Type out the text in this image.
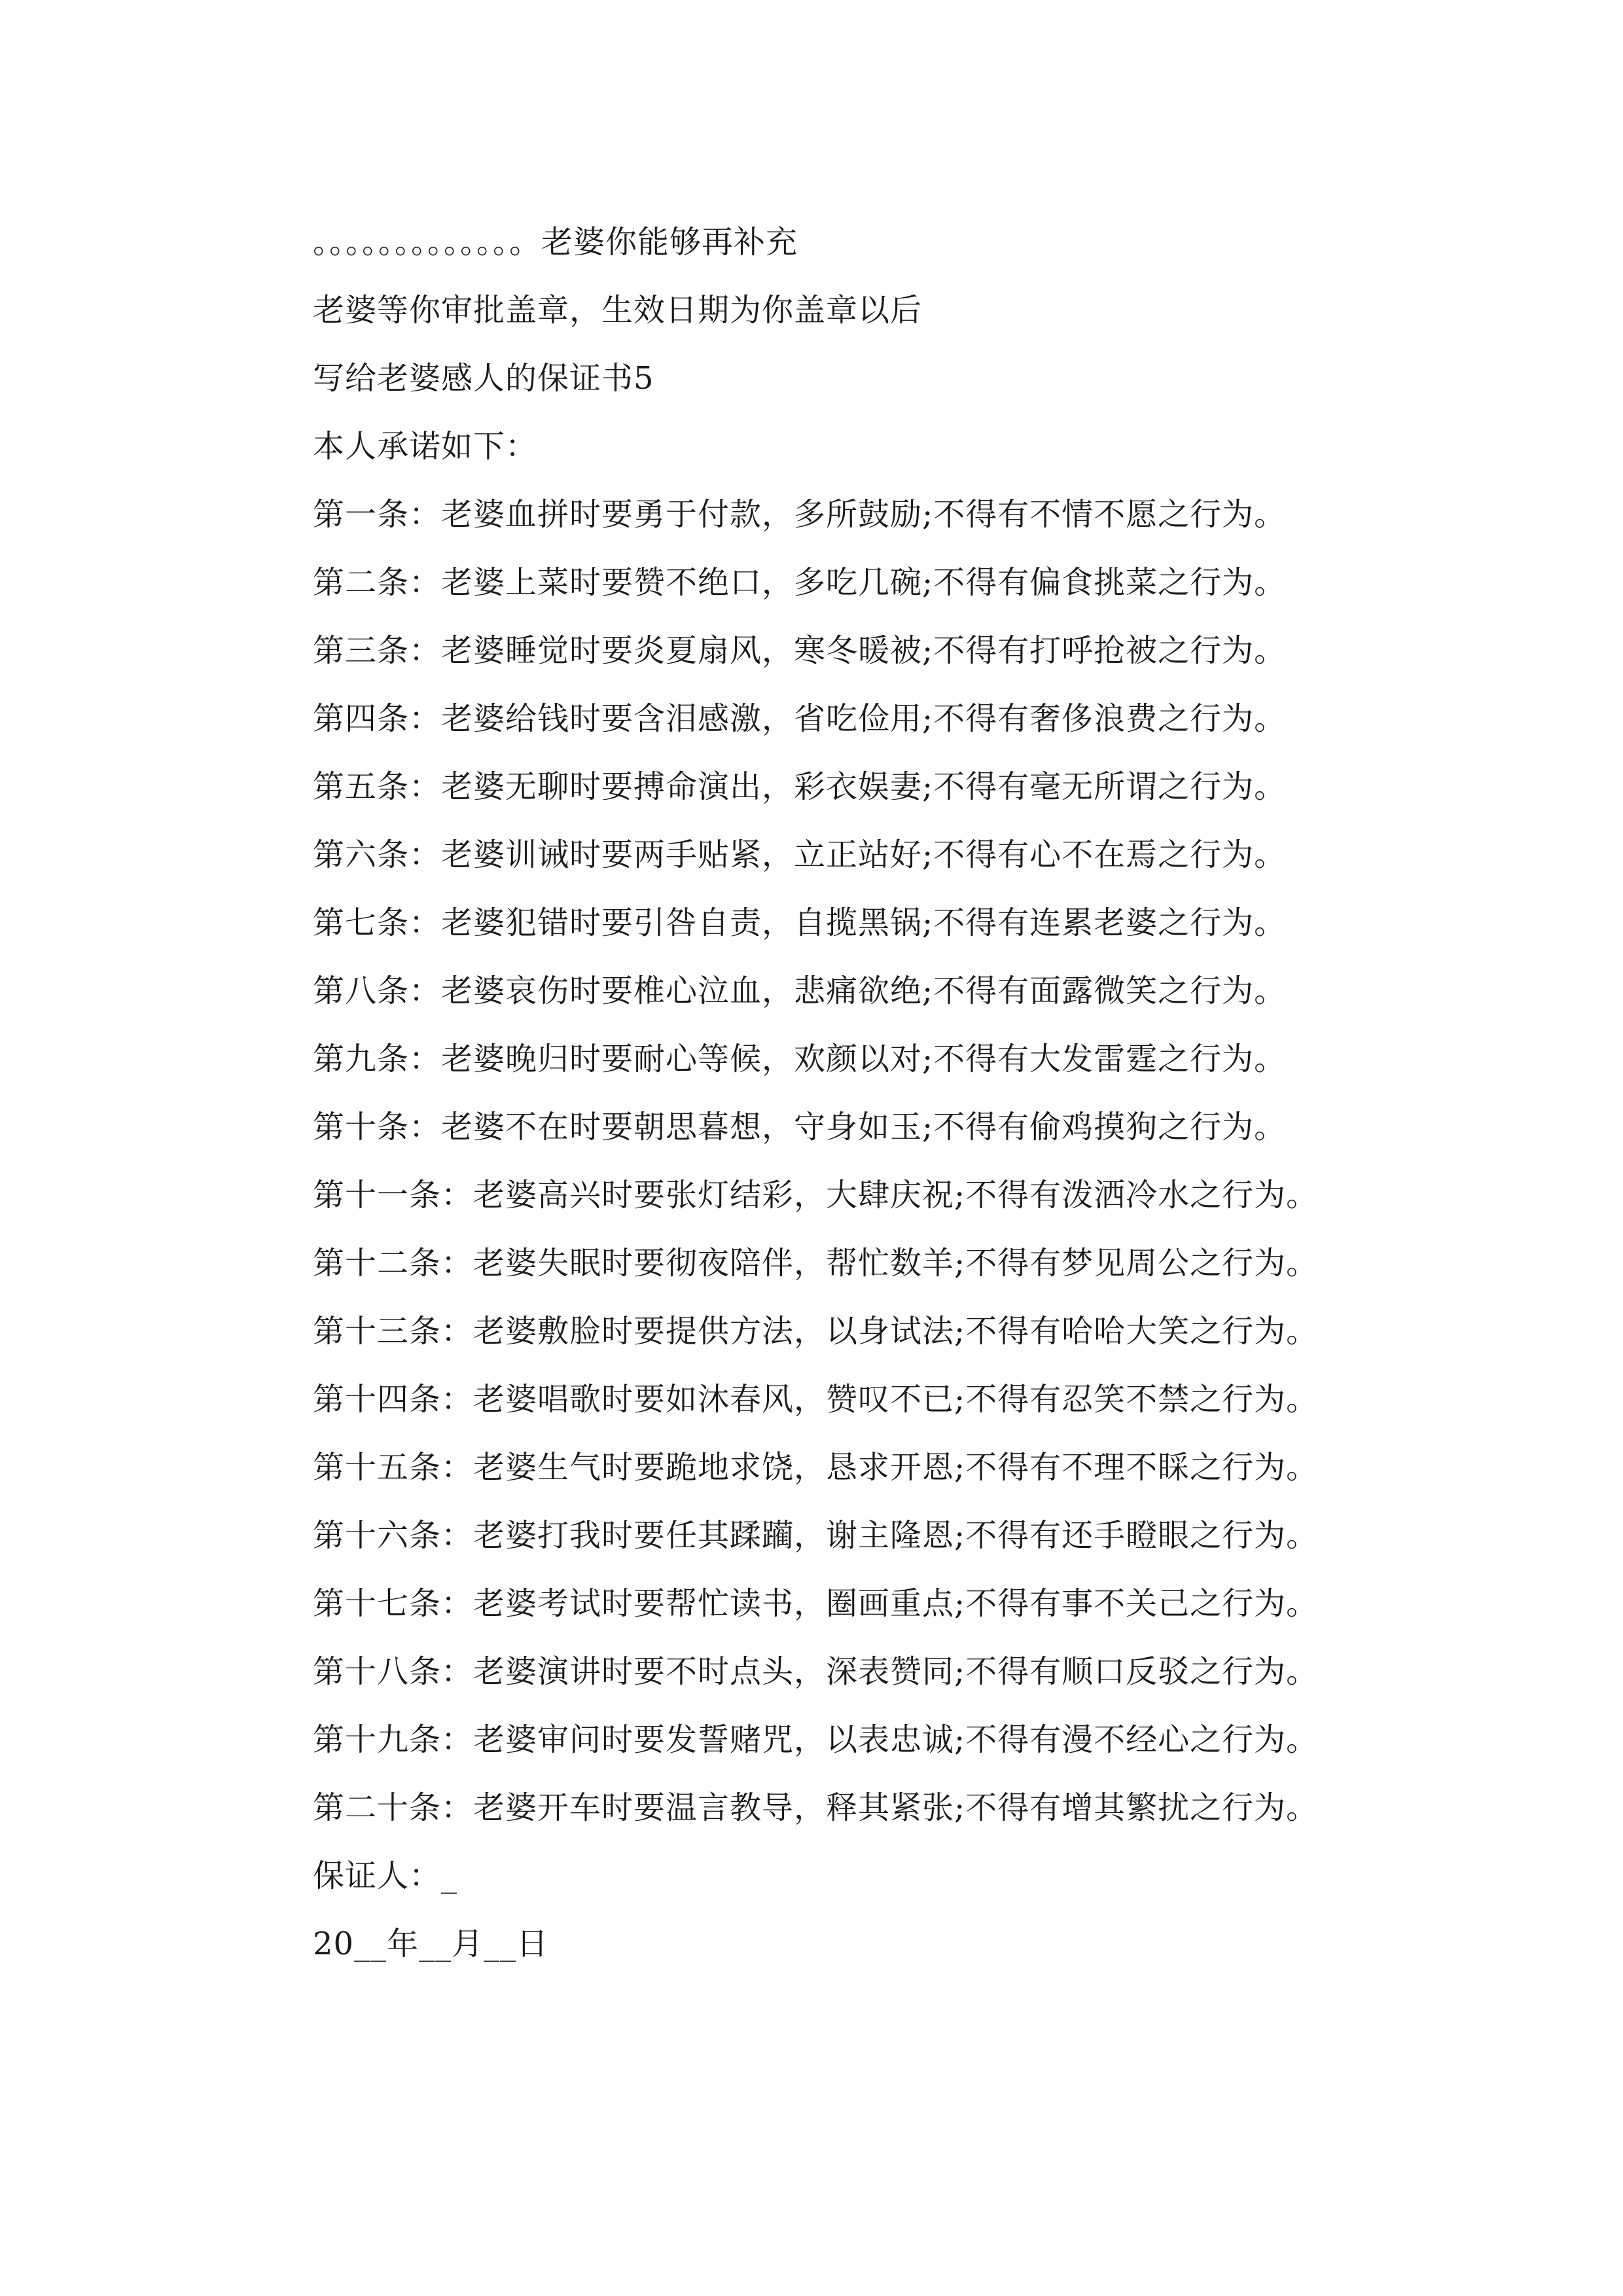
。。。。。。。。。。。。。老婆你能够再补充
老婆等你审批盖章，生效日期为你盖章以后
写给老婆感人的保证书5
本人承诺如下：
第一条：老婆血拼时要勇于付款，多所鼓励;不得有不情不愿之行为。
第二条：老婆上菜时要赞不绝口，多吃几碗;不得有偏食挑菜之行为。
第三条：老婆睡觉时要炎夏扇风，寒冬暖被;不得有打呼抢被之行为。
第四条：老婆给钱时要含泪感激，省吃俭用;不得有奢侈浪费之行为。
第五条：老婆无聊时要搏命演出，彩衣娱妻;不得有毫无所谓之行为。
第六条：老婆训诫时要两手贴紧，立正站好;不得有心不在焉之行为。
第七条：老婆犯错时要引咎自责，自揽黑锅;不得有连累老婆之行为。
第八条：老婆哀伤时要椎心泣血，悲痛欲绝;不得有面露微笑之行为。
第九条：老婆晚归时要耐心等候，欢颜以对;不得有大发雷霆之行为。
第十条：老婆不在时要朝思暮想，守身如玉;不得有偷鸡摸狗之行为。
第十一条：老婆高兴时要张灯结彩，大肆庆祝;不得有泼洒冷水之行为。
第十二条：老婆失眠时要彻夜陪伴，帮忙数羊;不得有梦见周公之行为。
第十三条：老婆敷脸时要提供方法，以身试法;不得有哈哈大笑之行为。
第十四条：老婆唱歌时要如沐春风，赞叹不已;不得有忍笑不禁之行为。
第十五条：老婆生气时要跪地求饶，恳求开恩;不得有不理不睬之行为。
第十六条：老婆打我时要任其蹂躏，谢主隆恩;不得有还手瞪眼之行为。
第十七条：老婆考试时要帮忙读书，圈画重点;不得有事不关己之行为。
第十八条：老婆演讲时要不时点头，深表赞同;不得有顺口反驳之行为。
第十九条：老婆审问时要发誓赌咒，以表忠诚;不得有漫不经心之行为。
第二十条：老婆开车时要温言教导，释其紧张;不得有增其繁扰之行为。
保证人：_
20__年__月__日
